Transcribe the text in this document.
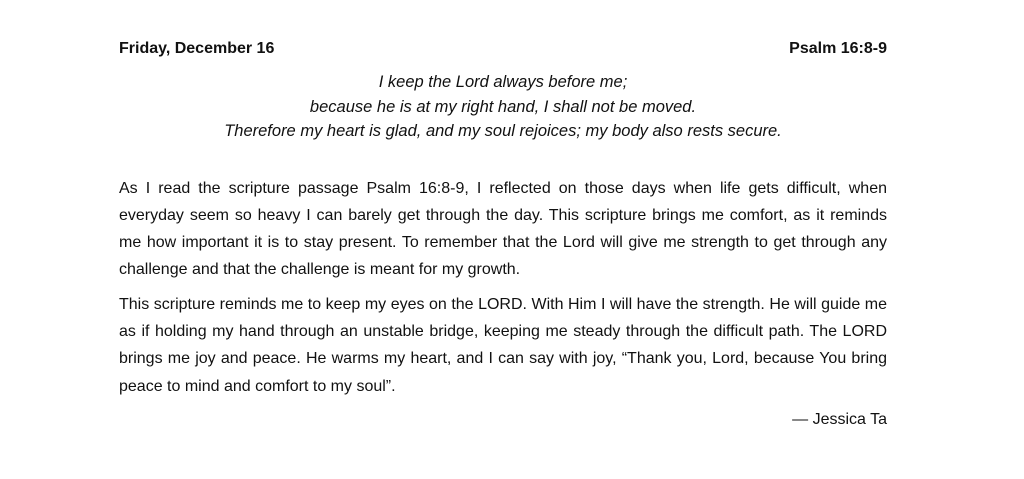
Friday, December 16	Psalm 16:8-9
I keep the Lord always before me;
because he is at my right hand, I shall not be moved.
Therefore my heart is glad, and my soul rejoices; my body also rests secure.

As I read the scripture passage Psalm 16:8-9, I reflected on those days when life gets difficult, when everyday seem so heavy I can barely get through the day. This scripture brings me comfort, as it reminds me how important it is to stay present. To remember that the Lord will give me strength to get through any challenge and that the challenge is meant for my growth.

This scripture reminds me to keep my eyes on the LORD. With Him I will have the strength. He will guide me as if holding my hand through an unstable bridge, keeping me steady through the difficult path. The LORD brings me joy and peace. He warms my heart, and I can say with joy, “Thank you, Lord, because You bring peace to mind and comfort to my soul”.

— Jessica Ta
